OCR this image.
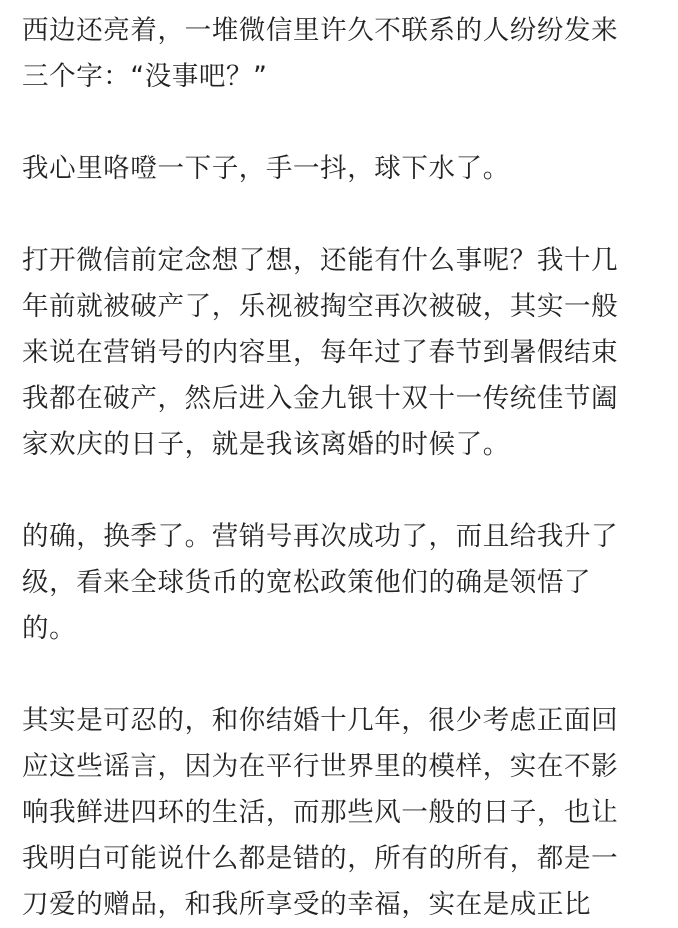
西边还亮着，一堆微信里许久不联系的人纷纷发来
三个字：“没事吧？”

我心里咯噔一下子，手一抖，球下水了。

打开微信前定念想了想，还能有什么事呢？我十几
年前就被破产了，乐视被掏空再次被破，其实一般
来说在营销号的内容里，每年过了春节到暑假结束
我都在破产，然后进入金九银十双十一传统佳节阖
家欢庆的日子，就是我该离婚的时候了。

的确，换季了。营销号再次成功了，而且给我升了
级，看来全球货币的宽松政策他们的确是领悟了
的。

其实是可忍的，和你结婚十几年，很少考虑正面回
应这些谣言，因为在平行世界里的模样，实在不影
响我鲜进四环的生活，而那些风一般的日子，也让
我明白可能说什么都是错的，所有的所有，都是一
刀爱的赠品，和我所享受的幸福，实在是成正比
